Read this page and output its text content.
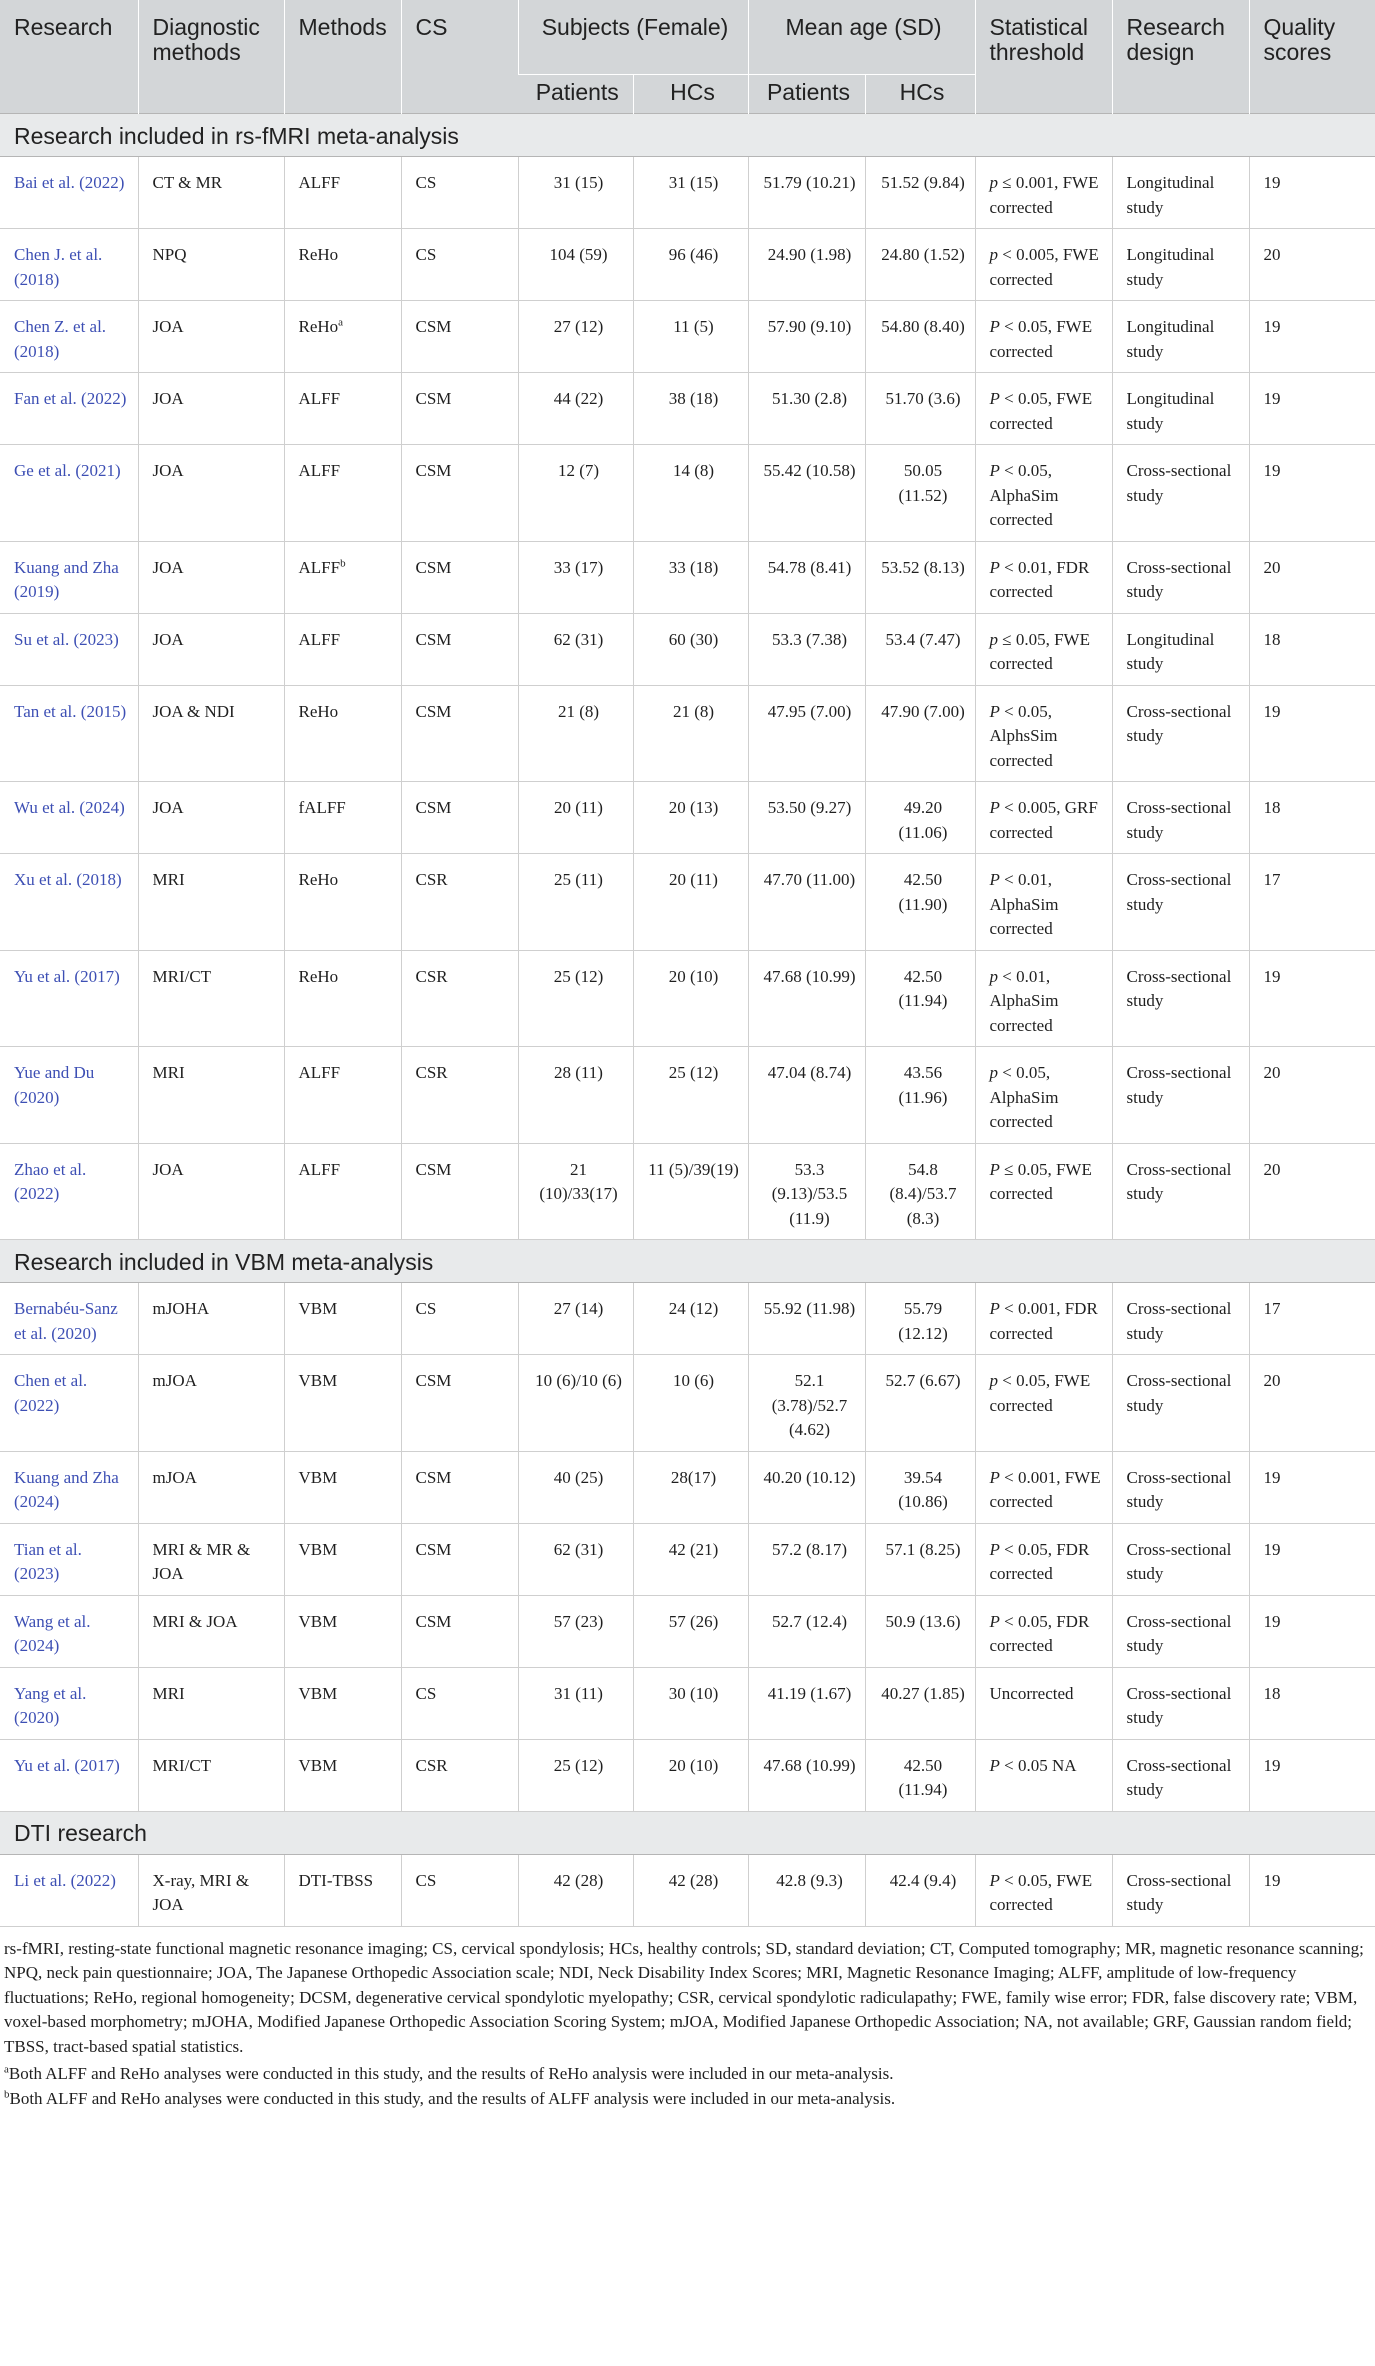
Research	Diagnostic methods	Methods	CS	Subjects (Female)		Mean age (SD)		Statistical threshold	Research design	Quality scores
				Patients	HCs	Patients	HCs			
Research included in rs-fMRI meta-analysis										
Bai et al. (2022)	CT & MR	ALFF	CS	31 (15)	31 (15)	51.79 (10.21)	51.52 (9.84)	p ≤ 0.001, FWE corrected	Longitudinal study	19
Chen J. et al. (2018)	NPQ	ReHo	CS	104 (59)	96 (46)	24.90 (1.98)	24.80 (1.52)	p < 0.005, FWE corrected	Longitudinal study	20
Chen Z. et al. (2018)	JOA	ReHo$^a$	CSM	27 (12)	11 (5)	57.90 (9.10)	54.80 (8.40)	P < 0.05, FWE corrected	Longitudinal study	19
Fan et al. (2022)	JOA	ALFF	CSM	44 (22)	38 (18)	51.30 (2.8)	51.70 (3.6)	P < 0.05, FWE corrected	Longitudinal study	19
Ge et al. (2021)	JOA	ALFF	CSM	12 (7)	14 (8)	55.42 (10.58)	50.05 (11.52)	P < 0.05, AlphaSim corrected	Cross-sectional study	19
Kuang and Zha (2019)	JOA	ALFF$^b$	CSM	33 (17)	33 (18)	54.78 (8.41)	53.52 (8.13)	P < 0.01, FDR corrected	Cross-sectional study	20
Su et al. (2023)	JOA	ALFF	CSM	62 (31)	60 (30)	53.3 (7.38)	53.4 (7.47)	p ≤ 0.05, FWE corrected	Longitudinal study	18
Tan et al. (2015)	JOA & NDI	ReHo	CSM	21 (8)	21 (8)	47.95 (7.00)	47.90 (7.00)	P < 0.05, AlphsSim corrected	Cross-sectional study	19
Wu et al. (2024)	JOA	fALFF	CSM	20 (11)	20 (13)	53.50 (9.27)	49.20 (11.06)	P < 0.005, GRF corrected	Cross-sectional study	18
Xu et al. (2018)	MRI	ReHo	CSR	25 (11)	20 (11)	47.70 (11.00)	42.50 (11.90)	P < 0.01, AlphaSim corrected	Cross-sectional study	17
Yu et al. (2017)	MRI/CT	ReHo	CSR	25 (12)	20 (10)	47.68 (10.99)	42.50 (11.94)	p < 0.01, AlphaSim corrected	Cross-sectional study	19
Yue and Du (2020)	MRI	ALFF	CSR	28 (11)	25 (12)	47.04 (8.74)	43.56 (11.96)	p < 0.05, AlphaSim corrected	Cross-sectional study	20
Zhao et al. (2022)	JOA	ALFF	CSM	21 (10)/33(17)	11 (5)/39(19)	53.3 (9.13)/53.5 (11.9)	54.8 (8.4)/53.7 (8.3)	P ≤ 0.05, FWE corrected	Cross-sectional study	20
Research included in VBM meta-analysis										
Bernabéu-Sanz et al. (2020)	mJOHA	VBM	CS	27 (14)	24 (12)	55.92 (11.98)	55.79 (12.12)	P < 0.001, FDR corrected	Cross-sectional study	17
Chen et al. (2022)	mJOA	VBM	CSM	10 (6)/10 (6)	10 (6)	52.1 (3.78)/52.7 (4.62)	52.7 (6.67)	p < 0.05, FWE corrected	Cross-sectional study	20
Kuang and Zha (2024)	mJOA	VBM	CSM	40 (25)	28(17)	40.20 (10.12)	39.54 (10.86)	P < 0.001, FWE corrected	Cross-sectional study	19
Tian et al. (2023)	MRI & MR & JOA	VBM	CSM	62 (31)	42 (21)	57.2 (8.17)	57.1 (8.25)	P < 0.05, FDR corrected	Cross-sectional study	19
Wang et al. (2024)	MRI & JOA	VBM	CSM	57 (23)	57 (26)	52.7 (12.4)	50.9 (13.6)	P < 0.05, FDR corrected	Cross-sectional study	19
Yang et al. (2020)	MRI	VBM	CS	31 (11)	30 (10)	41.19 (1.67)	40.27 (1.85)	Uncorrected	Cross-sectional study	18
Yu et al. (2017)	MRI/CT	VBM	CSR	25 (12)	20 (10)	47.68 (10.99)	42.50 (11.94)	P < 0.05 NA	Cross-sectional study	19
DTI research										
Li et al. (2022)	X-ray, MRI & JOA	DTI-TBSS	CS	42 (28)	42 (28)	42.8 (9.3)	42.4 (9.4)	P < 0.05, FWE corrected	Cross-sectional study	19

rs-fMRI, resting-state functional magnetic resonance imaging; CS, cervical spondylosis; HCs, healthy controls; SD, standard deviation; CT, Computed tomography; MR, magnetic resonance scanning; NPQ, neck pain questionnaire; JOA, The Japanese Orthopedic Association scale; NDI, Neck Disability Index Scores; MRI, Magnetic Resonance Imaging; ALFF, amplitude of low-frequency fluctuations; ReHo, regional homogeneity; DCSM, degenerative cervical spondylotic myelopathy; CSR, cervical spondylotic radiculapathy; FWE, family wise error; FDR, false discovery rate; VBM, voxel-based morphometry; mJOHA, Modified Japanese Orthopedic Association Scoring System; mJOA, Modified Japanese Orthopedic Association; NA, not available; GRF, Gaussian random field; TBSS, tract-based spatial statistics.

$^a$Both ALFF and ReHo analyses were conducted in this study, and the results of ReHo analysis were included in our meta-analysis.

$^b$Both ALFF and ReHo analyses were conducted in this study, and the results of ALFF analysis were included in our meta-analysis.
